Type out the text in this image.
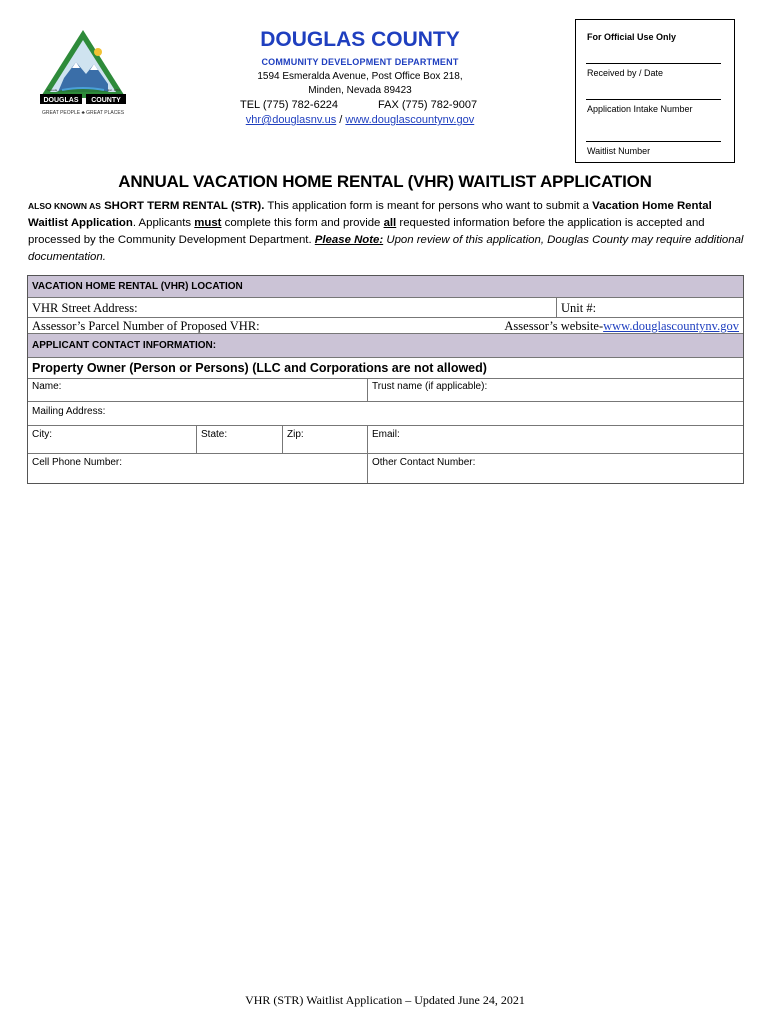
DOUGLAS COUNTY
GREAT PEOPLE ♣ GREAT PLACES
Nevada	Est. 1861
DOUGLAS COUNTY
COMMUNITY DEVELOPMENT DEPARTMENT
1594 Esmeralda Avenue, Post Office Box 218,
Minden, Nevada 89423
TEL (775) 782-6224	FAX (775) 782-9007
vhr@douglasnv.us / www.douglascountynv.gov
For Official Use Only
Received by / Date
Application Intake Number
Waitlist Number
ANNUAL VACATION HOME RENTAL (VHR) WAITLIST APPLICATION
ALSO KNOWN AS SHORT TERM RENTAL (STR). This application form is meant for persons who want to submit a Vacation Home Rental Waitlist Application. Applicants must complete this form and provide all requested information before the application is accepted and processed by the Community Development Department. Please Note: Upon review of this application, Douglas County may require additional documentation.
VACATION HOME RENTAL (VHR) LOCATION
VHR Street Address:	Unit #:
Assessor’s Parcel Number of Proposed VHR:	Assessor’s website-www.douglascountynv.gov
APPLICANT CONTACT INFORMATION:
Property Owner (Person or Persons) (LLC and Corporations are not allowed)
Name:	Trust name (if applicable):
Mailing Address:
City:	State:	Zip:	Email:
Cell Phone Number:	Other Contact Number:
VHR (STR) Waitlist Application – Updated June 24, 2021
